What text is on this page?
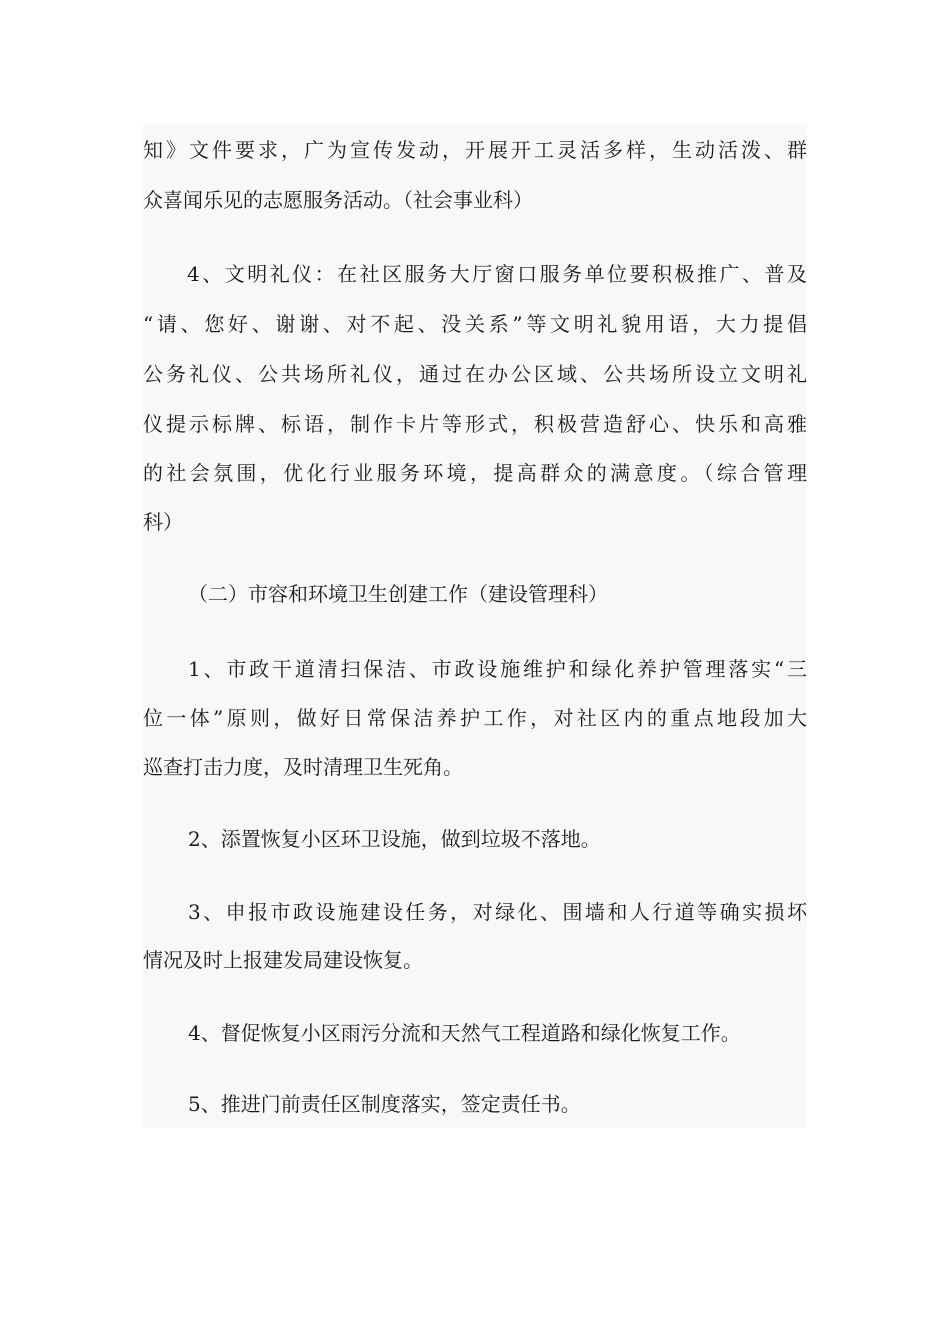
知》文件要求，广为宣传发动，开展开工灵活多样，生动活泼、群
众喜闻乐见的志愿服务活动。（社会事业科）
4、文明礼仪：在社区服务大厅窗口服务单位要积极推广、普及
“请、您好、谢谢、对不起、没关系”等文明礼貌用语，大力提倡
公务礼仪、公共场所礼仪，通过在办公区域、公共场所设立文明礼
仪提示标牌、标语，制作卡片等形式，积极营造舒心、快乐和高雅
的社会氛围，优化行业服务环境，提高群众的满意度。（综合管理
科）
（二）市容和环境卫生创建工作（建设管理科）
1、市政干道清扫保洁、市政设施维护和绿化养护管理落实“三
位一体”原则，做好日常保洁养护工作，对社区内的重点地段加大
巡查打击力度，及时清理卫生死角。
2、添置恢复小区环卫设施，做到垃圾不落地。
3、申报市政设施建设任务，对绿化、围墙和人行道等确实损坏
情况及时上报建发局建设恢复。
4、督促恢复小区雨污分流和天然气工程道路和绿化恢复工作。
5、推进门前责任区制度落实，签定责任书。
